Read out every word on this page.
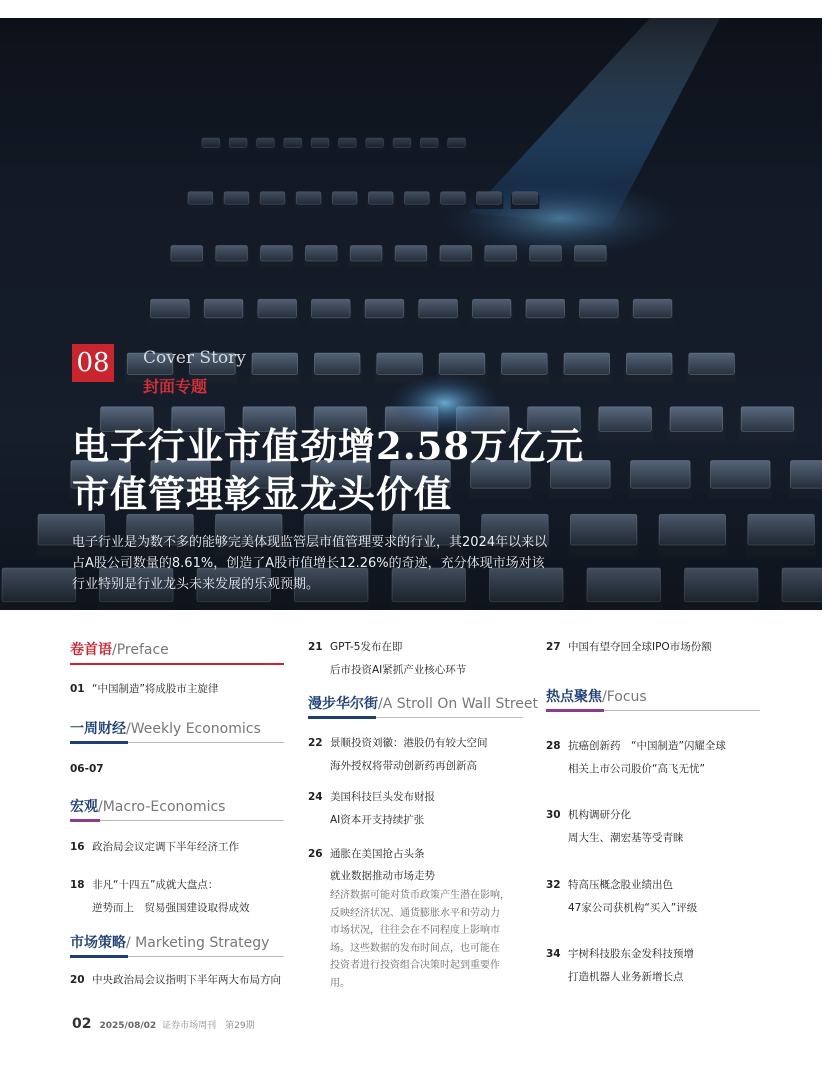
08 Cover Story
封面专题
电子行业市值劲增2.58万亿元
市值管理彰显龙头价值
电子行业是为数不多的能够完美体现监管层市值管理要求的行业，其2024年以来以占A股公司数量的8.61%，创造了A股市值增长12.26%的奇迹，充分体现市场对该行业特别是行业龙头未来发展的乐观预期。
卷首语/Preface
01 “中国制造”将成股市主旋律
一周财经/Weekly Economics
06-07
宏观/Macro-Economics
16 政治局会议定调下半年经济工作
18 非凡“十四五”成就大盘点：
逆势而上　贸易强国建设取得成效
市场策略/ Marketing Strategy
20 中央政治局会议指明下半年两大布局方向
21 GPT-5发布在即
后市投资AI紧抓产业核心环节
漫步华尔街/A Stroll On Wall Street
22 景顺投资刘徽：港股仍有较大空间
海外授权将带动创新药再创新高
24 美国科技巨头发布财报
AI资本开支持续扩张
26 通胀在美国抢占头条
就业数据推动市场走势
经济数据可能对货币政策产生潜在影响，
反映经济状况、通货膨胀水平和劳动力
市场状况，往往会在不同程度上影响市
场。这些数据的发布时间点，也可能在
投资者进行投资组合决策时起到重要作
用。
27 中国有望夺回全球IPO市场份额
热点聚焦/Focus
28 抗癌创新药　“中国制造”闪耀全球
相关上市公司股价“高飞无忧”
30 机构调研分化
周大生、潮宏基等受青睐
32 特高压概念股业绩出色
47家公司获机构“买入”评级
34 宇树科技股东金发科技预增
打造机器人业务新增长点
02 2025/08/02 证券市场周刊　第29期
